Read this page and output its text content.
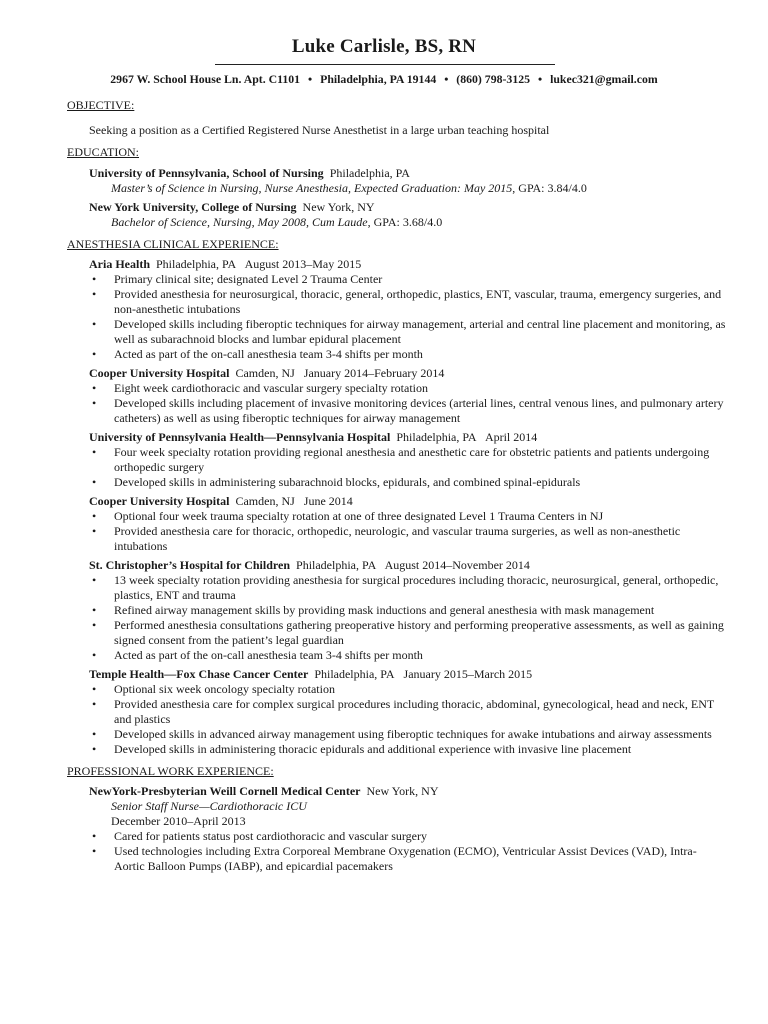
Luke Carlisle, BS, RN
2967 W. School House Ln. Apt. C1101 • Philadelphia, PA 19144 • (860) 798-3125 • lukec321@gmail.com
OBJECTIVE:
Seeking a position as a Certified Registered Nurse Anesthetist in a large urban teaching hospital
EDUCATION:
University of Pennsylvania, School of Nursing Philadelphia, PA
Master’s of Science in Nursing, Nurse Anesthesia, Expected Graduation: May 2015, GPA: 3.84/4.0
New York University, College of Nursing New York, NY
Bachelor of Science, Nursing, May 2008, Cum Laude, GPA: 3.68/4.0
ANESTHESIA CLINICAL EXPERIENCE:
Aria Health Philadelphia, PA August 2013–May 2015
• Primary clinical site; designated Level 2 Trauma Center
• Provided anesthesia for neurosurgical, thoracic, general, orthopedic, plastics, ENT, vascular, trauma, emergency surgeries, and non-anesthetic intubations
• Developed skills including fiberoptic techniques for airway management, arterial and central line placement and monitoring, as well as subarachnoid blocks and lumbar epidural placement
• Acted as part of the on-call anesthesia team 3-4 shifts per month
Cooper University Hospital Camden, NJ January 2014–February 2014
• Eight week cardiothoracic and vascular surgery specialty rotation
• Developed skills including placement of invasive monitoring devices (arterial lines, central venous lines, and pulmonary artery catheters) as well as using fiberoptic techniques for airway management
University of Pennsylvania Health—Pennsylvania Hospital Philadelphia, PA April 2014
• Four week specialty rotation providing regional anesthesia and anesthetic care for obstetric patients and patients undergoing orthopedic surgery
• Developed skills in administering subarachnoid blocks, epidurals, and combined spinal-epidurals
Cooper University Hospital Camden, NJ June 2014
• Optional four week trauma specialty rotation at one of three designated Level 1 Trauma Centers in NJ
• Provided anesthesia care for thoracic, orthopedic, neurologic, and vascular trauma surgeries, as well as non-anesthetic intubations
St. Christopher’s Hospital for Children Philadelphia, PA August 2014–November 2014
• 13 week specialty rotation providing anesthesia for surgical procedures including thoracic, neurosurgical, general, orthopedic, plastics, ENT and trauma
• Refined airway management skills by providing mask inductions and general anesthesia with mask management
• Performed anesthesia consultations gathering preoperative history and performing preoperative assessments, as well as gaining signed consent from the patient’s legal guardian
• Acted as part of the on-call anesthesia team 3-4 shifts per month
Temple Health—Fox Chase Cancer Center Philadelphia, PA January 2015–March 2015
• Optional six week oncology specialty rotation
• Provided anesthesia care for complex surgical procedures including thoracic, abdominal, gynecological, head and neck, ENT and plastics
• Developed skills in advanced airway management using fiberoptic techniques for awake intubations and airway assessments
• Developed skills in administering thoracic epidurals and additional experience with invasive line placement
PROFESSIONAL WORK EXPERIENCE:
NewYork-Presbyterian Weill Cornell Medical Center New York, NY
Senior Staff Nurse—Cardiothoracic ICU
December 2010–April 2013
• Cared for patients status post cardiothoracic and vascular surgery
• Used technologies including Extra Corporeal Membrane Oxygenation (ECMO), Ventricular Assist Devices (VAD), Intra-Aortic Balloon Pumps (IABP), and epicardial pacemakers
